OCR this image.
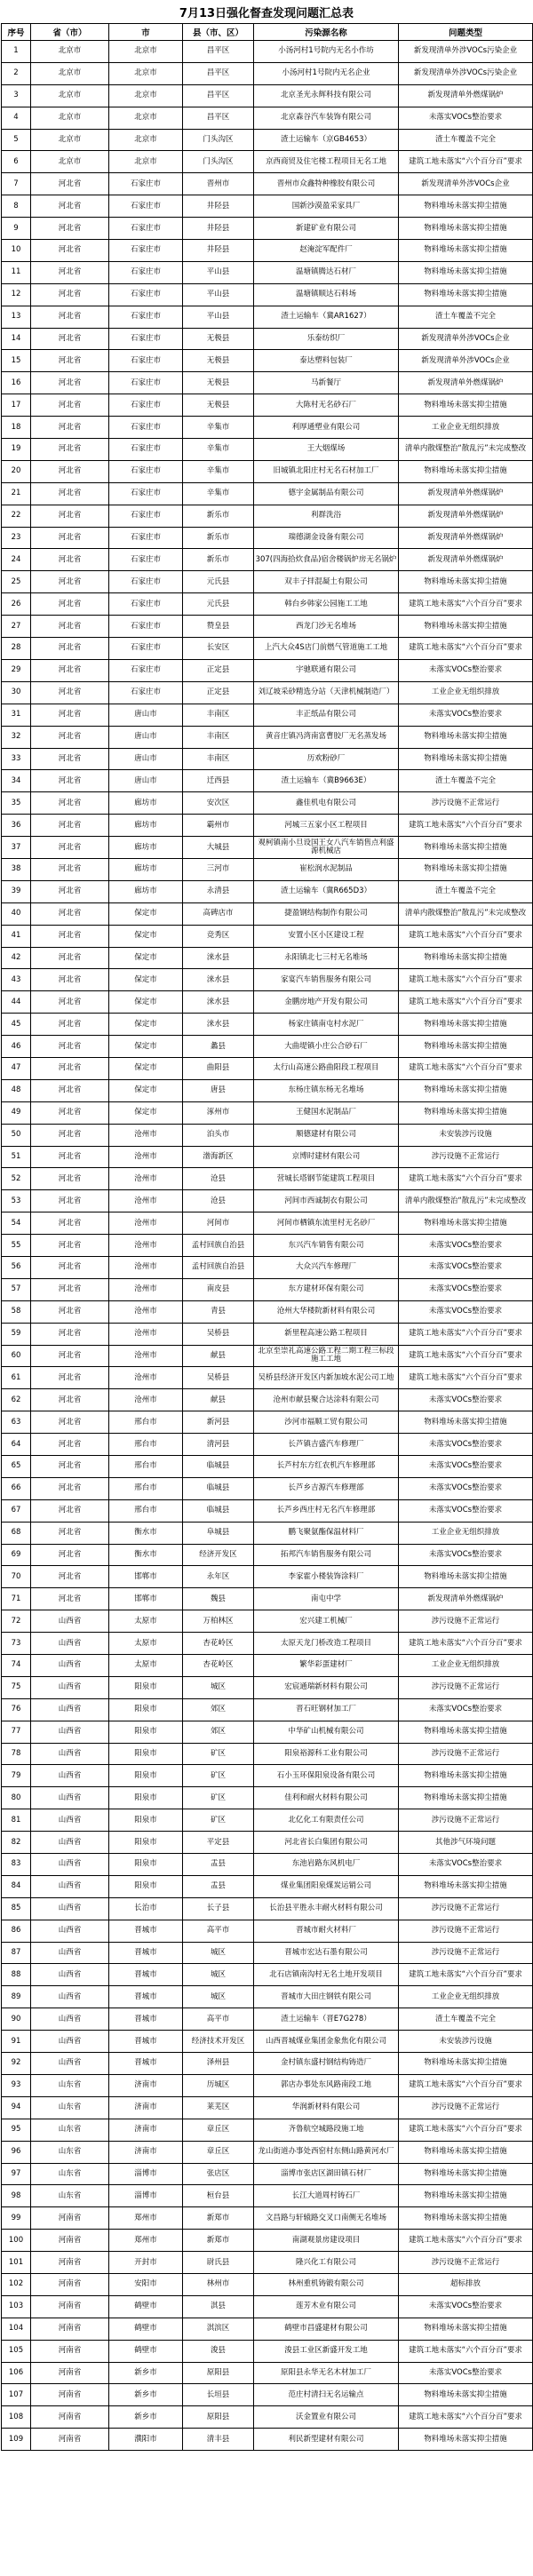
7月13日强化督查发现问题汇总表
序号	省（市）	市	县（市、区）	污染源名称	问题类型
1	北京市	北京市	昌平区	小汤河村1号院内无名小作坊	新发现清单外涉VOCs污染企业
2	北京市	北京市	昌平区	小汤河村1号院内无名企业	新发现清单外涉VOCs污染企业
3	北京市	北京市	昌平区	北京圣光永辉科技有限公司	新发现清单外燃煤锅炉
4	北京市	北京市	昌平区	北京森谷汽车装饰有限公司	未落实VOCs整治要求
5	北京市	北京市	门头沟区	渣土运输车（京GB4653）	渣土车覆盖不完全
6	北京市	北京市	门头沟区	京西商贸及住宅楼工程项目无名工地	建筑工地未落实“六个百分百”要求
7	河北省	石家庄市	晋州市	晋州市众鑫特种橡胶有限公司	新发现清单外涉VOCs企业
8	河北省	石家庄市	井陉县	国新沙漠盈采家具厂	物料堆场未落实抑尘措施
9	河北省	石家庄市	井陉县	新建矿业有限公司	物料堆场未落实抑尘措施
10	河北省	石家庄市	井陉县	赵淹淀军配件厂	物料堆场未落实抑尘措施
11	河北省	石家庄市	平山县	温塘镇腾达石材厂	物料堆场未落实抑尘措施
12	河北省	石家庄市	平山县	温塘镇顺达石料场	物料堆场未落实抑尘措施
13	河北省	石家庄市	平山县	渣土运输车（冀AR1627）	渣土车覆盖不完全
14	河北省	石家庄市	无极县	乐泰纺织厂	新发现清单外涉VOCs企业
15	河北省	石家庄市	无极县	泰达塑料包装厂	新发现清单外涉VOCs企业
16	河北省	石家庄市	无极县	马新餐厅	新发现清单外燃煤锅炉
17	河北省	石家庄市	无极县	大陈村无名砂石厂	物料堆场未落实抑尘措施
18	河北省	石家庄市	辛集市	利厚通塑业有限公司	工业企业无组织排放
19	河北省	石家庄市	辛集市	王大烟煤场	清单内散煤整治“散乱污”未完成整改
20	河北省	石家庄市	辛集市	旧城镇北阳庄村无名石材加工厂	物料堆场未落实抑尘措施
21	河北省	石家庄市	辛集市	德宇金属制品有限公司	新发现清单外燃煤锅炉
22	河北省	石家庄市	新乐市	利群洗浴	新发现清单外燃煤锅炉
23	河北省	石家庄市	新乐市	瑞德湖金设备有限公司	新发现清单外燃煤锅炉
24	河北省	石家庄市	新乐市	307(四海拾炊食品)宿舍楼锅炉房无名锅炉	新发现清单外燃煤锅炉
25	河北省	石家庄市	元氏县	双丰子拌混凝土有限公司	物料堆场未落实抑尘措施
26	河北省	石家庄市	元氏县	韩台乡韩家公园施工工地	建筑工地未落实“六个百分百”要求
27	河北省	石家庄市	赞皇县	西龙门沙无名堆场	物料堆场未落实抑尘措施
28	河北省	石家庄市	长安区	上汽大众4S店门前燃气管道施工工地	建筑工地未落实“六个百分百”要求
29	河北省	石家庄市	正定县	宇驰联通有限公司	未落实VOCs整治要求
30	河北省	石家庄市	正定县	刘辽坡采砂精选分站（天津机械制造厂）	工业企业无组织排放
31	河北省	唐山市	丰南区	丰正纸品有限公司	未落实VOCs整治要求
32	河北省	唐山市	丰南区	黄音庄镇冯湾南富曹胶厂无名蒸发场	物料堆场未落实抑尘措施
33	河北省	唐山市	丰南区	历欢粉砂厂	物料堆场未落实抑尘措施
34	河北省	唐山市	迁西县	渣土运输车（冀B9663E）	渣土车覆盖不完全
35	河北省	廊坊市	安次区	鑫佳机电有限公司	涉污设施不正常运行
36	河北省	廊坊市	霸州市	河城三五家小区工程项目	建筑工地未落实“六个百分百”要求
37	河北省	廊坊市	大城县	观柯镇南小旦设国王女八汽车销售点利盛源机械店	物料堆场未落实抑尘措施
38	河北省	廊坊市	三河市	崔松润水泥制品	物料堆场未落实抑尘措施
39	河北省	廊坊市	永清县	渣土运输车（冀R665D3）	渣土车覆盖不完全
40	河北省	保定市	高碑店市	捷盈钢结构制作有限公司	清单内散煤整治“散乱污”未完成整改
41	河北省	保定市	竞秀区	安置小区小区建设工程	建筑工地未落实“六个百分百”要求
42	河北省	保定市	涞水县	永阳镇北七三村无名堆场	物料堆场未落实抑尘措施
43	河北省	保定市	涞水县	家宴汽车销售服务有限公司	建筑工地未落实“六个百分百”要求
44	河北省	保定市	涞水县	金鹏房地产开发有限公司	建筑工地未落实“六个百分百”要求
45	河北省	保定市	涞水县	杨家庄镇南屯村水泥厂	物料堆场未落实抑尘措施
46	河北省	保定市	蠡县	大曲堤镇小庄公合砂石厂	物料堆场未落实抑尘措施
47	河北省	保定市	曲阳县	太行山高速公路曲阳段工程项目	建筑工地未落实“六个百分百”要求
48	河北省	保定市	唐县	东杨庄镇东杨无名堆场	物料堆场未落实抑尘措施
49	河北省	保定市	涿州市	王健国水泥制品厂	物料堆场未落实抑尘措施
50	河北省	沧州市	泊头市	顺德建材有限公司	未安装涉污设施
51	河北省	沧州市	渤海新区	京博时建材有限公司	涉污设施不正常运行
52	河北省	沧州市	沧县	营城长塔钢节能建筑工程项目	建筑工地未落实“六个百分百”要求
53	河北省	沧州市	沧县	河间市西诚制衣有限公司	清单内散煤整治“散乱污”未完成整改
54	河北省	沧州市	河间市	河间市栖镇东流里村无名砂厂	物料堆场未落实抑尘措施
55	河北省	沧州市	孟村回族自治县	东兴汽车销售有限公司	未落实VOCs整治要求
56	河北省	沧州市	孟村回族自治县	大众兴汽车修理厂	未落实VOCs整治要求
57	河北省	沧州市	南皮县	东方建材环保有限公司	未落实VOCs整治要求
58	河北省	沧州市	青县	沧州大华楼院新材料有限公司	未落实VOCs整治要求
59	河北省	沧州市	吴桥县	新里程高速公路工程项目	建筑工地未落实“六个百分百”要求
60	河北省	沧州市	献县	北京至崇礼高速公路工程二期工程三标段施工工地	建筑工地未落实“六个百分百”要求
61	河北省	沧州市	吴桥县	吴桥县经济开发区内新加坡水泥公司工地	建筑工地未落实“六个百分百”要求
62	河北省	沧州市	献县	沧州市献县聚合达涂料有限公司	未落实VOCs整治要求
63	河北省	邢台市	新河县	沙河市福顺工贸有限公司	物料堆场未落实抑尘措施
64	河北省	邢台市	清河县	长芦镇吉盛汽车修理厂	未落实VOCs整治要求
65	河北省	邢台市	临城县	长芦村东方红农机汽车修理部	未落实VOCs整治要求
66	河北省	邢台市	临城县	长芦乡吉源汽车修理部	未落实VOCs整治要求
67	河北省	邢台市	临城县	长芦乡西庄村无名汽车修理部	未落实VOCs整治要求
68	河北省	衡水市	阜城县	鹏飞聚氨酯保温材料厂	工业企业无组织排放
69	河北省	衡水市	经济开发区	拓邦汽车销售服务有限公司	未落实VOCs整治要求
70	河北省	邯郸市	永年区	李家霍小楼装饰涂料厂	物料堆场未落实抑尘措施
71	河北省	邯郸市	魏县	南屯中学	新发现清单外燃煤锅炉
72	山西省	太原市	万柏林区	宏兴建工机械厂	涉污设施不正常运行
73	山西省	太原市	杏花岭区	太原天龙门桥改造工程项目	建筑工地未落实“六个百分百”要求
74	山西省	太原市	杏花岭区	繁华彩蛋建材厂	工业企业无组织排放
75	山西省	阳泉市	城区	宏宸通瑞新材料有限公司	涉污设施不正常运行
76	山西省	阳泉市	郊区	晋石旺钢材加工厂	未落实VOCs整治要求
77	山西省	阳泉市	郊区	中华矿山机械有限公司	物料堆场未落实抑尘措施
78	山西省	阳泉市	矿区	阳泉裕源科工业有限公司	涉污设施不正常运行
79	山西省	阳泉市	矿区	石小玉环保阳泉设备有限公司	物料堆场未落实抑尘措施
80	山西省	阳泉市	矿区	佳利和耐火材料有限公司	物料堆场未落实抑尘措施
81	山西省	阳泉市	矿区	北亿化工有限责任公司	涉污设施不正常运行
82	山西省	阳泉市	平定县	河北省长白集团有限公司	其他涉气环境问题
83	山西省	阳泉市	盂县	东池岩路东风机电厂	未落实VOCs整治要求
84	山西省	阳泉市	盂县	煤业集团阳泉煤炭运销公司	物料堆场未落实抑尘措施
85	山西省	长治市	长子县	长治县平胜永丰耐火材料有限公司	涉污设施不正常运行
86	山西省	晋城市	高平市	晋城市耐火材料厂	涉污设施不正常运行
87	山西省	晋城市	城区	晋城市宏达石墨有限公司	涉污设施不正常运行
88	山西省	晋城市	城区	北石店镇南沟村无名土地开发项目	建筑工地未落实“六个百分百”要求
89	山西省	晋城市	城区	晋城市大田庄钢铁有限公司	工业企业无组织排放
90	山西省	晋城市	高平市	渣土运输车（晋E7G278）	渣土车覆盖不完全
91	山西省	晋城市	经济技术开发区	山西晋城煤业集团金象焦化有限公司	未安装涉污设施
92	山西省	晋城市	泽州县	金村镇东盛村钢结构铸造厂	物料堆场未落实抑尘措施
93	山东省	济南市	历城区	郭店办事处东风路南段工地	建筑工地未落实“六个百分百”要求
94	山东省	济南市	莱芜区	华润新材料有限公司	涉污设施不正常运行
95	山东省	济南市	章丘区	齐鲁航空城路段施工地	建筑工地未落实“六个百分百”要求
96	山东省	济南市	章丘区	龙山街道办事处西窑村东侧山路黄河水厂	物料堆场未落实抑尘措施
97	山东省	淄博市	张店区	淄博市张店区湖田镇石材厂	物料堆场未落实抑尘措施
98	山东省	淄博市	桓台县	长江大道周村铸石厂	物料堆场未落实抑尘措施
99	河南省	郑州市	新郑市	文昌路与轩辕路交叉口南侧无名堆场	物料堆场未落实抑尘措施
100	河南省	郑州市	新郑市	南湖观景房建设项目	建筑工地未落实“六个百分百”要求
101	河南省	开封市	尉氏县	隆兴化工有限公司	涉污设施不正常运行
102	河南省	安阳市	林州市	林州重机铸锻有限公司	超标排放
103	河南省	鹤壁市	淇县	莲芳木业有限公司	未落实VOCs整治要求
104	河南省	鹤壁市	淇滨区	鹤壁市昌盛建材有限公司	物料堆场未落实抑尘措施
105	河南省	鹤壁市	浚县	浚县工业区新盛开发工地	建筑工地未落实“六个百分百”要求
106	河南省	新乡市	原阳县	原阳县永华无名木材加工厂	未落实VOCs整治要求
107	河南省	新乡市	长垣县	范庄村清扫无名运输点	物料堆场未落实抑尘措施
108	河南省	新乡市	原阳县	沃金置业有限公司	建筑工地未落实“六个百分百”要求
109	河南省	濮阳市	清丰县	利民新型建材有限公司	物料堆场未落实抑尘措施
